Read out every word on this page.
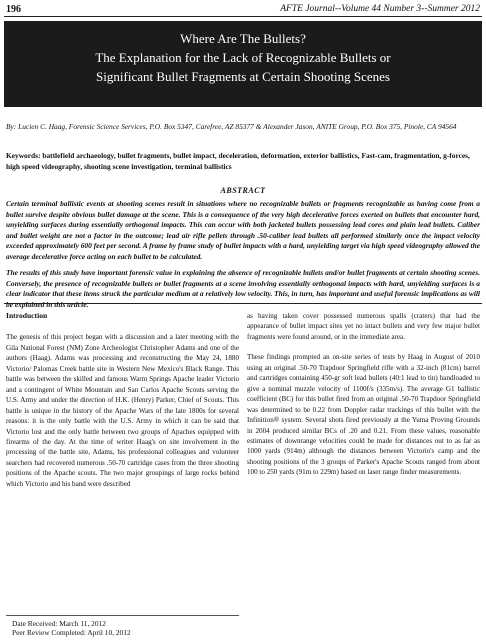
196	AFTE Journal--Volume 44 Number 3--Summer 2012
Where Are The Bullets?
The Explanation for the Lack of Recognizable Bullets or
Significant Bullet Fragments at Certain Shooting Scenes
By: Lucien C. Haag, Forensic Science Services, P.O. Box 5347, Carefree, AZ 85377 & Alexander Jason, ANITE Group, P.O. Box 375, Pinole, CA 94564
Keywords: battlefield archaeology, bullet fragments, bullet impact, deceleration, deformation, exterior ballistics, Fast-cam, fragmentation, g-forces, high speed videography, shooting scene investigation, terminal ballistics
ABSTRACT
Certain terminal ballistic events at shooting scenes result in situations where no recognizable bullets or fragments recognizable as having come from a bullet survive despite obvious bullet damage at the scene. This is a consequence of the very high decelerative forces exerted on bullets that encounter hard, unyielding surfaces during essentially orthogonal impacts. This can occur with both jacketed bullets possessing lead cores and plain lead bullets. Caliber and bullet weight are not a factor in the outcome; lead air rifle pellets through .50-caliber lead bullets all performed similarly once the impact velocity exceeded approximately 600 feet per second. A frame by frame study of bullet impacts with a hard, unyielding target via high speed videography allowed the average decelerative force acting on each bullet to be calculated.
The results of this study have important forensic value in explaining the absence of recognizable bullets and/or bullet fragments at certain shooting scenes. Conversely, the presence of recognizable bullets or bullet fragments at a scene involving essentially orthogonal impacts with hard, unyielding surfaces is a clear indicator that these items struck the particular medium at a relatively low velocity. This, in turn, has important and useful forensic implications as will be explained in this article.
Introduction

The genesis of this project began with a discussion and a later meeting with the Gila National Forest (NM) Zone Archeologist Christopher Adams and one of the authors (Haag). Adams was processing and reconstructing the May 24, 1880 Victorio/ Palomas Creek battle site in Western New Mexico's Black Range. This battle was between the skilled and famous Warm Springs Apache leader Victorio and a contingent of White Mountain and San Carlos Apache Scouts serving the U.S. Army and under the direction of H.K. (Henry) Parker, Chief of Scouts. This battle is unique in the history of the Apache Wars of the late 1800s for several reasons: it is the only battle with the U.S. Army in which it can be said that Victorio lost and the only battle between two groups of Apaches equipped with firearms of the day. At the time of writer Haag's on site involvement in the processing of the battle site, Adams, his professional colleagues and volunteer searchers had recovered numerous .50-70 cartridge cases from the three shooting positions of the Apache scouts. The two major groupings of large rocks behind which Victorio and his band were described

as having taken cover possessed numerous spalls (craters) that had the appearance of bullet impact sites yet no intact bullets and very few major bullet fragments were found around, or in the immediate area.

These findings prompted an on-site series of tests by Haag in August of 2010 using an original .50-70 Trapdoor Springfield rifle with a 32-inch (81cm) barrel and cartridges containing 450-gr soft lead bullets (40:1 lead to tin) handloaded to give a nominal muzzle velocity of 1100f/s (335m/s). The average G1 ballistic coefficient (BC) for this bullet fired from an original .50-70 Trapdoor Springfield was determined to be 0.22 from Doppler radar trackings of this bullet with the Infinition® system. Several shots fired previously at the Yuma Proving Grounds in 2004 produced similar BCs of .20 and 0.21. From these values, reasonable estimates of downrange velocities could be made for distances out to as far as 1000 yards (914m) although the distances between Victorio's camp and the shooting positions of the 3 groups of Parker's Apache Scouts ranged from about 100 to 250 yards (91m to 229m) based on laser range finder measurements.

Date Received: March 11, 2012
Peer Review Completed: April 10, 2012
